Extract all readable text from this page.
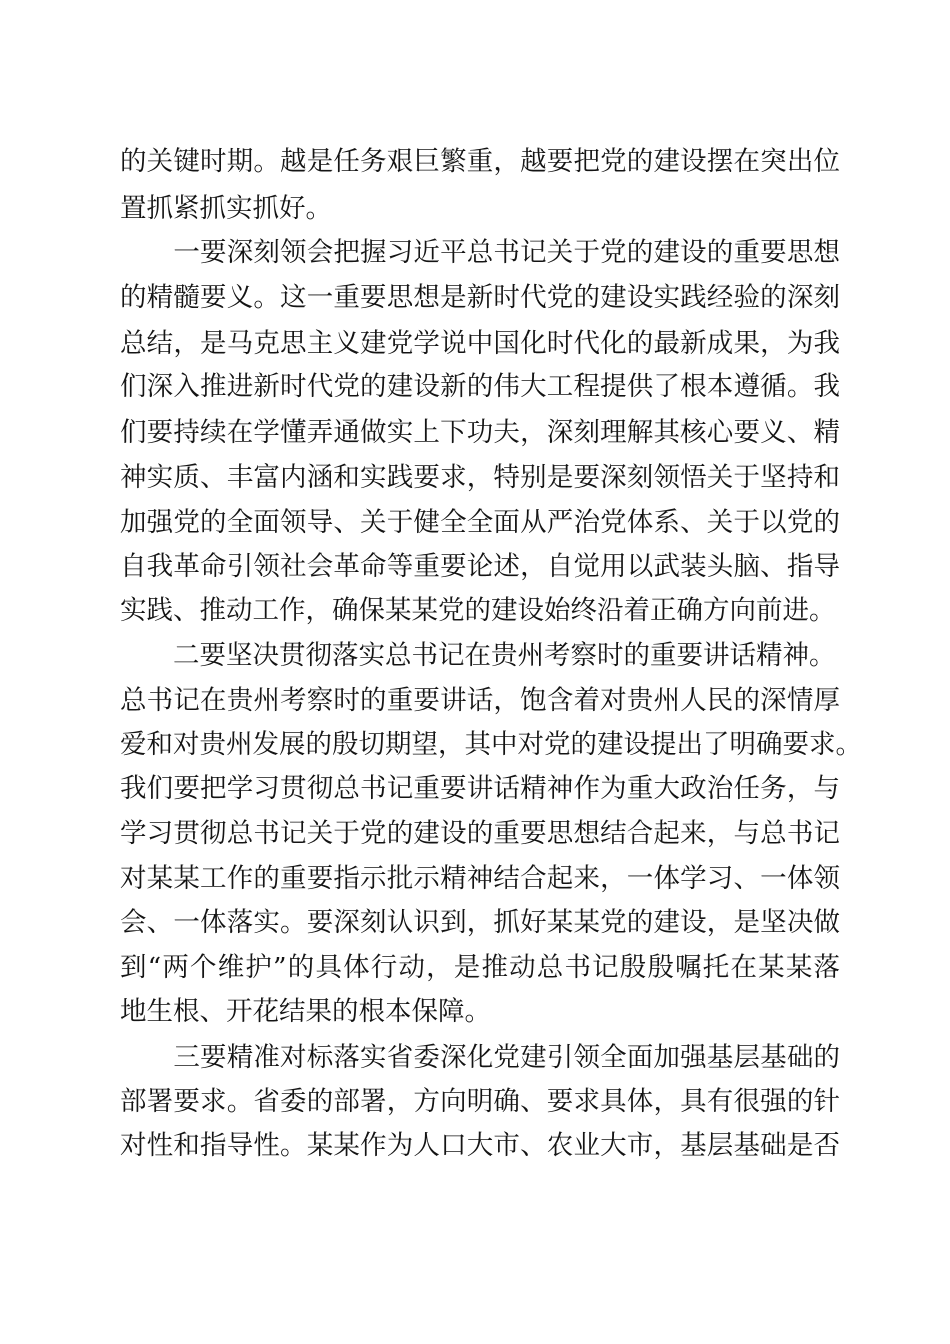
的关键时期。越是任务艰巨繁重，越要把党的建设摆在突出位
置抓紧抓实抓好。
　　一要深刻领会把握习近平总书记关于党的建设的重要思想
的精髓要义。这一重要思想是新时代党的建设实践经验的深刻
总结，是马克思主义建党学说中国化时代化的最新成果，为我
们深入推进新时代党的建设新的伟大工程提供了根本遵循。我
们要持续在学懂弄通做实上下功夫，深刻理解其核心要义、精
神实质、丰富内涵和实践要求，特别是要深刻领悟关于坚持和
加强党的全面领导、关于健全全面从严治党体系、关于以党的
自我革命引领社会革命等重要论述，自觉用以武装头脑、指导
实践、推动工作，确保某某党的建设始终沿着正确方向前进。
　　二要坚决贯彻落实总书记在贵州考察时的重要讲话精神。
总书记在贵州考察时的重要讲话，饱含着对贵州人民的深情厚
爱和对贵州发展的殷切期望，其中对党的建设提出了明确要求。
我们要把学习贯彻总书记重要讲话精神作为重大政治任务，与
学习贯彻总书记关于党的建设的重要思想结合起来，与总书记
对某某工作的重要指示批示精神结合起来，一体学习、一体领
会、一体落实。要深刻认识到，抓好某某党的建设，是坚决做
到“两个维护”的具体行动，是推动总书记殷殷嘱托在某某落
地生根、开花结果的根本保障。
　　三要精准对标落实省委深化党建引领全面加强基层基础的
部署要求。省委的部署，方向明确、要求具体，具有很强的针
对性和指导性。某某作为人口大市、农业大市，基层基础是否
